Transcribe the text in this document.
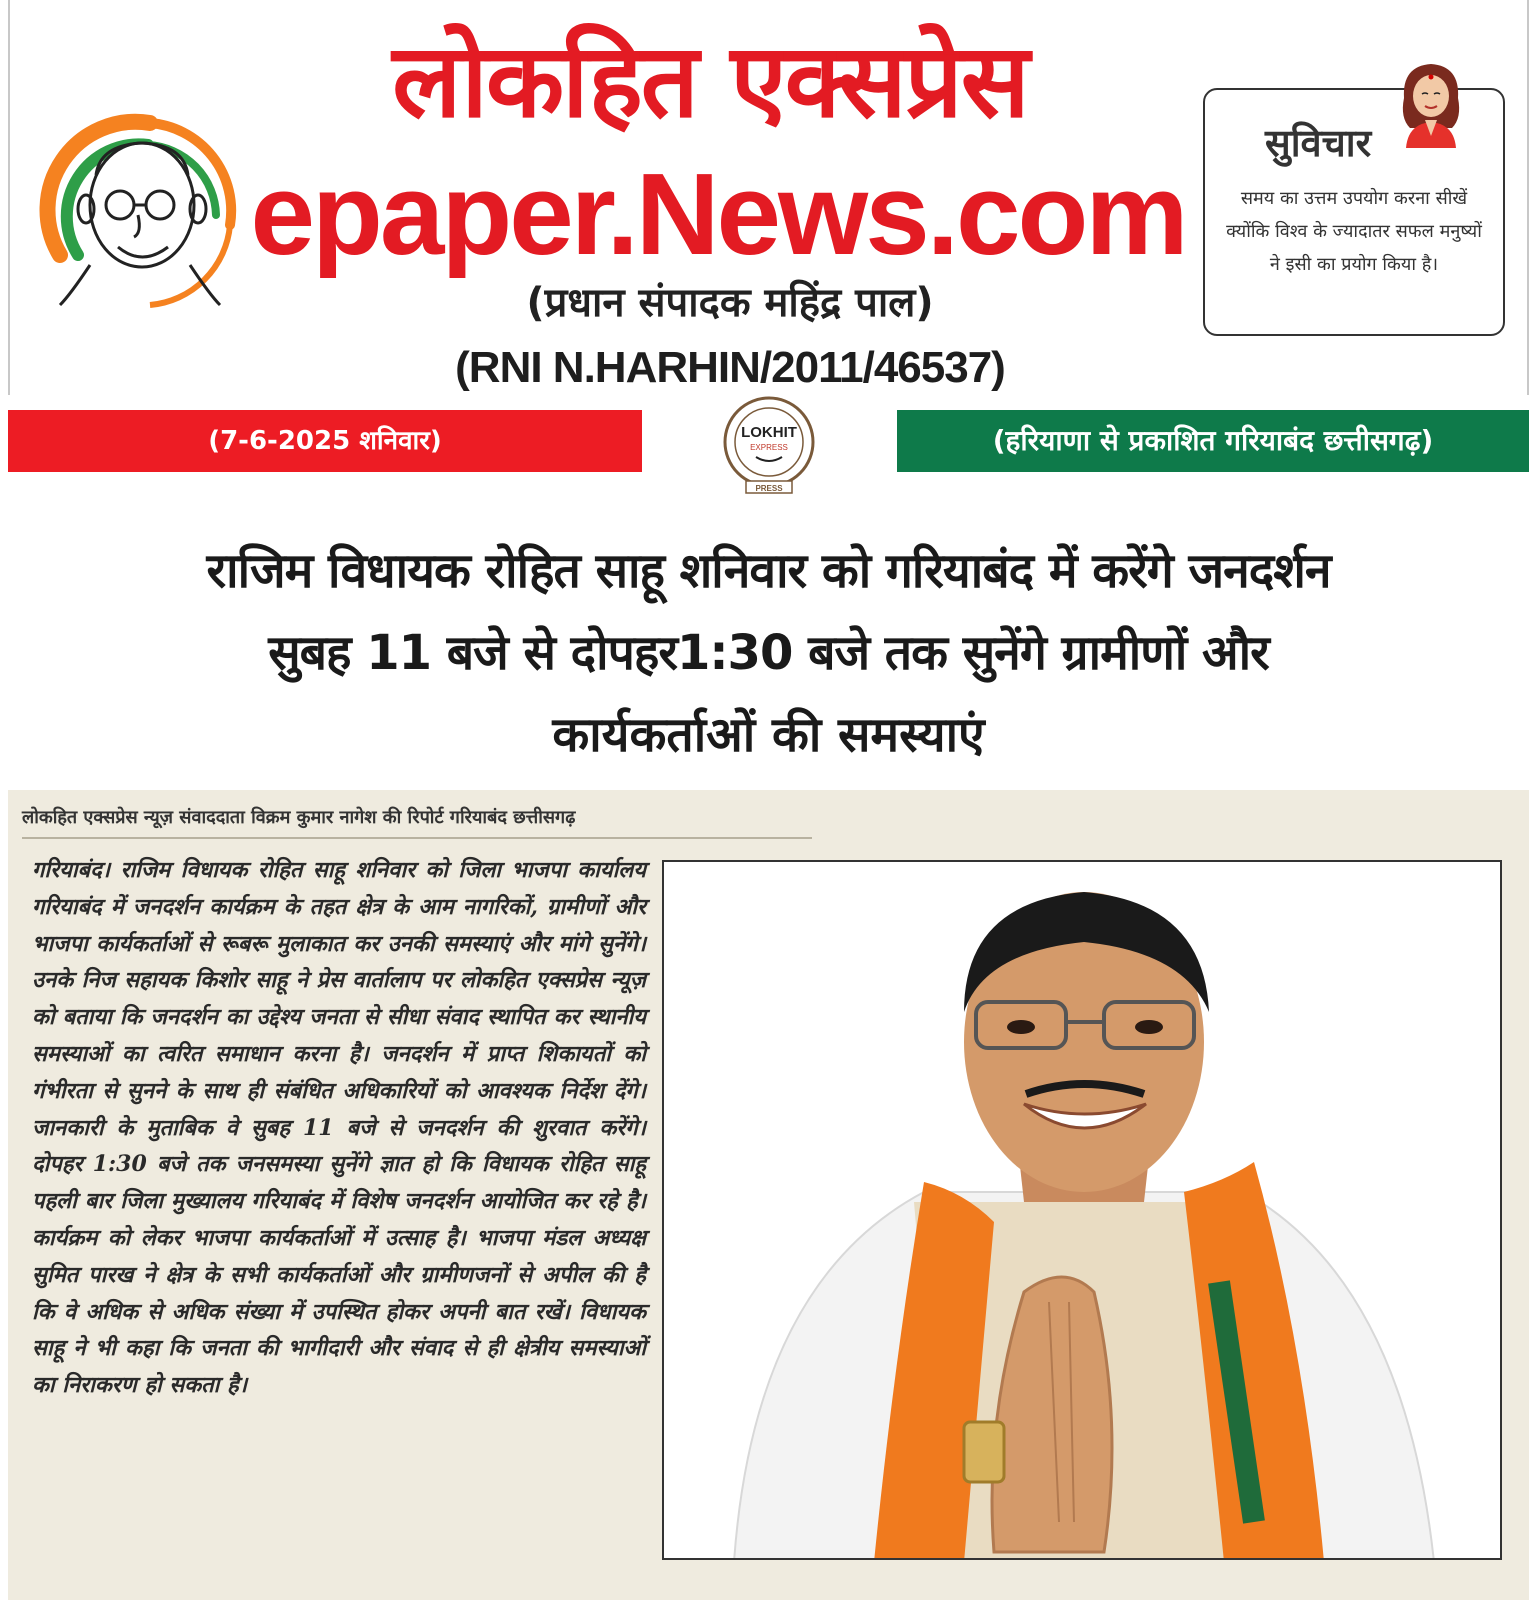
लोकहित एक्सप्रेस
epaper.News.com
(प्रधान संपादक महिंद्र पाल)
(RNI N.HARHIN/2011/46537)
सुविचार
समय का उत्तम उपयोग करना सीखें क्योंकि विश्व के ज्यादातर सफल मनुष्यों ने इसी का प्रयोग किया है।
(7-6-2025 शनिवार)	(हरियाणा से प्रकाशित गरियाबंद छत्तीसगढ़)
LOKHIT
EXPRESS
PRESS
राजिम विधायक रोहित साहू शनिवार को गरियाबंद में करेंगे जनदर्शन
सुबह 11 बजे से दोपहर1:30 बजे तक सुनेंगे ग्रामीणों और
कार्यकर्ताओं की समस्याएं
लोकहित एक्सप्रेस न्यूज़ संवाददाता विक्रम कुमार नागेश की रिपोर्ट गरियाबंद छत्तीसगढ़
गरियाबंद। राजिम विधायक रोहित साहू शनिवार को जिला भाजपा कार्यालय गरियाबंद में जनदर्शन कार्यक्रम के तहत क्षेत्र के आम नागरिकों, ग्रामीणों और भाजपा कार्यकर्ताओं से रूबरू मुलाकात कर उनकी समस्याएं और मांगे सुनेंगे। उनके निज सहायक किशोर साहू ने प्रेस वार्तालाप पर लोकहित एक्सप्रेस न्यूज़ को बताया कि जनदर्शन का उद्देश्य जनता से सीधा संवाद स्थापित कर स्थानीय समस्याओं का त्वरित समाधान करना है। जनदर्शन में प्राप्त शिकायतों को गंभीरता से सुनने के साथ ही संबंधित अधिकारियों को आवश्यक निर्देश देंगे। जानकारी के मुताबिक वे सुबह 11 बजे से जनदर्शन की शुरवात करेंगे। दोपहर 1:30 बजे तक जनसमस्या सुनेंगे ज्ञात हो कि विधायक रोहित साहू पहली बार जिला मुख्यालय गरियाबंद में विशेष जनदर्शन आयोजित कर रहे है। कार्यक्रम को लेकर भाजपा कार्यकर्ताओं में उत्साह है। भाजपा मंडल अध्यक्ष सुमित पारख ने क्षेत्र के सभी कार्यकर्ताओं और ग्रामीणजनों से अपील की है कि वे अधिक से अधिक संख्या में उपस्थित होकर अपनी बात रखें। विधायक साहू ने भी कहा कि जनता की भागीदारी और संवाद से ही क्षेत्रीय समस्याओं का निराकरण हो सकता है।
